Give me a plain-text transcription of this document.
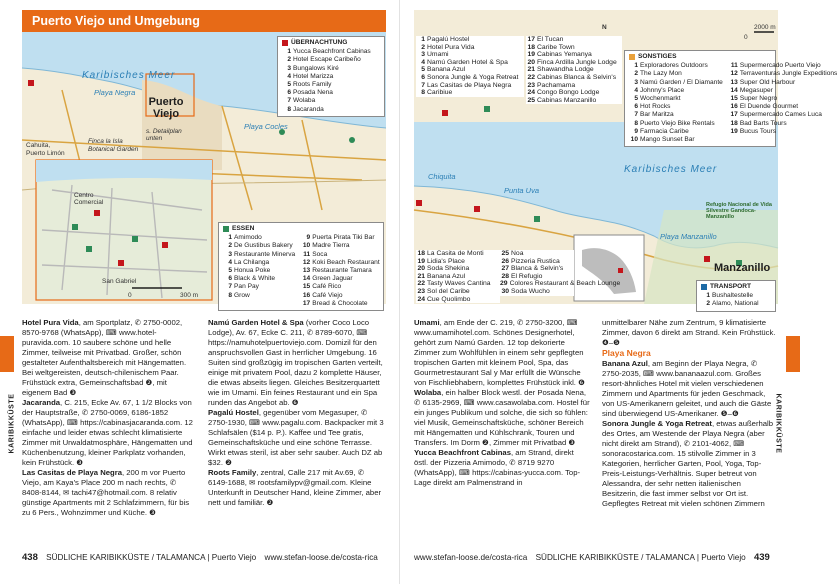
Puerto Viejo und Umgebung
Karibisches Meer
Playa Negra
Puerto Viejo
s. Detailplan unten
Playa Cocles
Cahuita,
Puerto Limón
Finca la Isla
Botanical Garden
Centro Comercial
San Gabriel
0	300 m
ÜBERNACHTUNG
1 Yucca Beachfront Cabinas
2 Hotel Escape Caribeño
3 Bungalows Kiré
4 Hotel Marizza
5 Roots Family
6 Posada Nena
7 Wolaba
8 Jacaranda
ESSEN
1 Amimodo
2 De Gustibus Bakery
3 Restaurante Minerva
4 La Chilanga
5 Honua Poke
6 Black & White
7 Pan Pay
8 Grow
9 Puerta Pirata Tiki Bar
10 Madre Tierra
11 Soca
12 Koki Beach Restaurant
13 Restaurante Tamara
14 Green Jaguar
15 Café Rico
16 Café Viejo
17 Bread & Chocolate

Hotel Pura Vida, am Sportplatz, ✆ 2750-0002, 8570-9768 (WhatsApp), ⌨ www.hotel-puravida.com. 10 saubere schöne und helle Zimmer, teilweise mit Privatbad. Großer, schön gestalteter Aufenthaltsbereich mit Hängematten. Bei weltgereisten, deutsch-chilenischem Paar. Frühstück extra, Gemeinschaftsbad ❷, mit eigenem Bad ❸

Jacaranda, C. 215, Ecke Av. 67, 1 1/2 Blocks von der Hauptstraße, ✆ 2750-0069, 6186-1852 (WhatsApp), ⌨ https://cabinasjacaranda.com. 12 einfache und leider etwas schlecht klimatisierte Zimmer mit Urwaldatmosphäre, Hängematten und Küchenbenutzung, kleiner Parkplatz vorhanden, kein Frühstück. ❸

Las Casitas de Playa Negra, 200 m vor Puerto Viejo, am Kaya's Place 200 m nach rechts, ✆ 8408-8144, ✉ tachi47@hotmail.com. 8 relativ günstige Apartments mit 2 Schlafzimmern, für bis zu 6 Pers., Wohnzimmer und Küche. ❸

Namú Garden Hotel & Spa (vorher Coco Loco Lodge), Av. 67, Ecke C. 211, ✆ 8789-6070, ⌨ https://namuhotelpuertoviejo.com. Domizil für den anspruchsvollen Gast in herrlicher Umgebung. 16 Suiten sind großzügig im tropischen Garten verteilt, einige mit privatem Pool, dazu 2 komplette Häuser, die etwas abseits liegen. Gleiches Besitzerquartett wie im Umami. Ein feines Restaurant und ein Spa runden das Angebot ab. ❻

Pagalú Hostel, gegenüber vom Megasuper, ✆ 2750-1930, ⌨ www.pagalu.com. Backpacker mit 3 Schlafsälen ($14 p. P.). Kaffee und Tee gratis, Gemeinschaftsküche und eine schöne Terrasse. Wirkt etwas steril, ist aber sehr sauber. Auch DZ ab $32. ❷

Roots Family, zentral, Calle 217 mit Av.69, ✆ 6149-1688, ✉ rootsfamilypv@gmail.com. Kleine Unterkunft in Deutscher Hand, kleine Zimmer, aber nett und familiär. ❷

KARIBIKKÜSTE
438 SÜDLICHE KARIBIKKÜSTE / TALAMANCA | Puerto Viejo www.stefan-loose.de/costa-rica
N
0
2000 m
1 Pagalú Hostel
2 Hotel Pura Vida
3 Umami
4 Namú Garden Hotel & Spa
5 Banana Azul
6 Sonora Jungle & Yoga Retreat
7 Las Casitas de Playa Negra
8 Caribiue
17 El Tucan
18 Caribe Town
19 Cabinas Yemanya
20 Finca Ardilla Jungle Lodge
21 Shawandha Lodge
22 Cabinas Blanca & Selvin's
23 Pachamama
24 Congo Bongo Lodge
25 Cabinas Manzanillo
SONSTIGES
1 Exploradores Outdoors
2 The Lazy Mon
3 Namú Garden / El Diamante
4 Johnny's Place
5 Wochenmarkt
6 Hot Rocks
7 Bar Maritza
8 Puerto Viejo Bike Rentals
9 Farmacia Caribe
10 Mango Sunset Bar
11 Supermercado Puerto Viejo
12 Terraventuras Jungle Expeditions
13 Super Old Harbour
14 Megasuper
15 Super Negro
16 El Duende Gourmet
17 Supermercado Cames Luca
18 Bad Barts Tours
19 Bucus Tours
Karibisches Meer
Chiquita
Punta Uva
Playa Manzanillo
Manzanillo
Refugio Nacional de Vida Silvestre Gandoca-Manzanillo
18 La Casita de Monti
19 Lidia's Place
20 Soda Shekina
21 Banana Azul
22 Tasty Waves Cantina
23 Sol del Caribe
24 Cue Quolimbo
25 Noa
26 Pizzeria Rustica
27 Blanca & Selvin's
28 El Refugio
29 Colores Restaurant & Beach Lounge
30 Soda Wucho
TRANSPORT
1 Bushaltestelle
2 Alamo, National

Umami, am Ende der C. 219, ✆ 2750-3200, ⌨ www.umamihotel.com. Schönes Designerhotel, gehört zum Namú Garden. 12 top dekorierte Zimmer zum Wohlfühlen in einem sehr gepflegten tropischen Garten mit kleinem Pool, Spa, das Gourmetrestaurant Sal y Mar erfüllt die Wünsche von Fischliebhabern, komplettes Frühstück inkl. ❻

Wolaba, ein halber Block westl. der Posada Nena, ✆ 6135-2969, ⌨ www.casawolaba.com. Hostel für ein junges Publikum und solche, die sich so fühlen: viel Musik, Gemeinschaftsküche, schöner Bereich mit Hängematten und Kühlschrank, Touren und Transfers. Im Dorm ❷, Zimmer mit Privatbad ❸

Yucca Beachfront Cabinas, am Strand, direkt östl. der Pizzeria Amimodo, ✆ 8719 9270 (WhatsApp), ⌨ https://cabinas-yucca.com. Top-Lage direkt am Palmenstrand in

unmittelbarer Nähe zum Zentrum, 9 klimatisierte Zimmer, davon 6 direkt am Strand. Kein Frühstück. ❹–❺

Playa Negra

Banana Azul, am Beginn der Playa Negra, ✆ 2750-2035, ⌨ www.bananaazul.com. Großes resort-ähnliches Hotel mit vielen verschiedenen Zimmern und Apartments für jeden Geschmack, von US-Amerikanern geleitet, und auch die Gäste sind überwiegend US-Amerikaner. ❺–❻

Sonora Jungle & Yoga Retreat, etwas außerhalb des Ortes, am Westende der Playa Negra (aber nicht direkt am Strand), ✆ 2101-4062, ⌨ sonoracostarica.com. 15 stilvolle Zimmer in 3 Kategorien, herrlicher Garten, Pool, Yoga, Top-Preis-Leistungs-Verhältnis. Super betreut von Alessandra, der sehr netten italienischen Besitzerin, die fast immer selbst vor Ort ist. Gepflegtes Retreat mit vielen schönen Zimmern

KARIBIKKÜSTE
www.stefan-loose.de/costa-rica SÜDLICHE KARIBIKKÜSTE / TALAMANCA | Puerto Viejo 439
